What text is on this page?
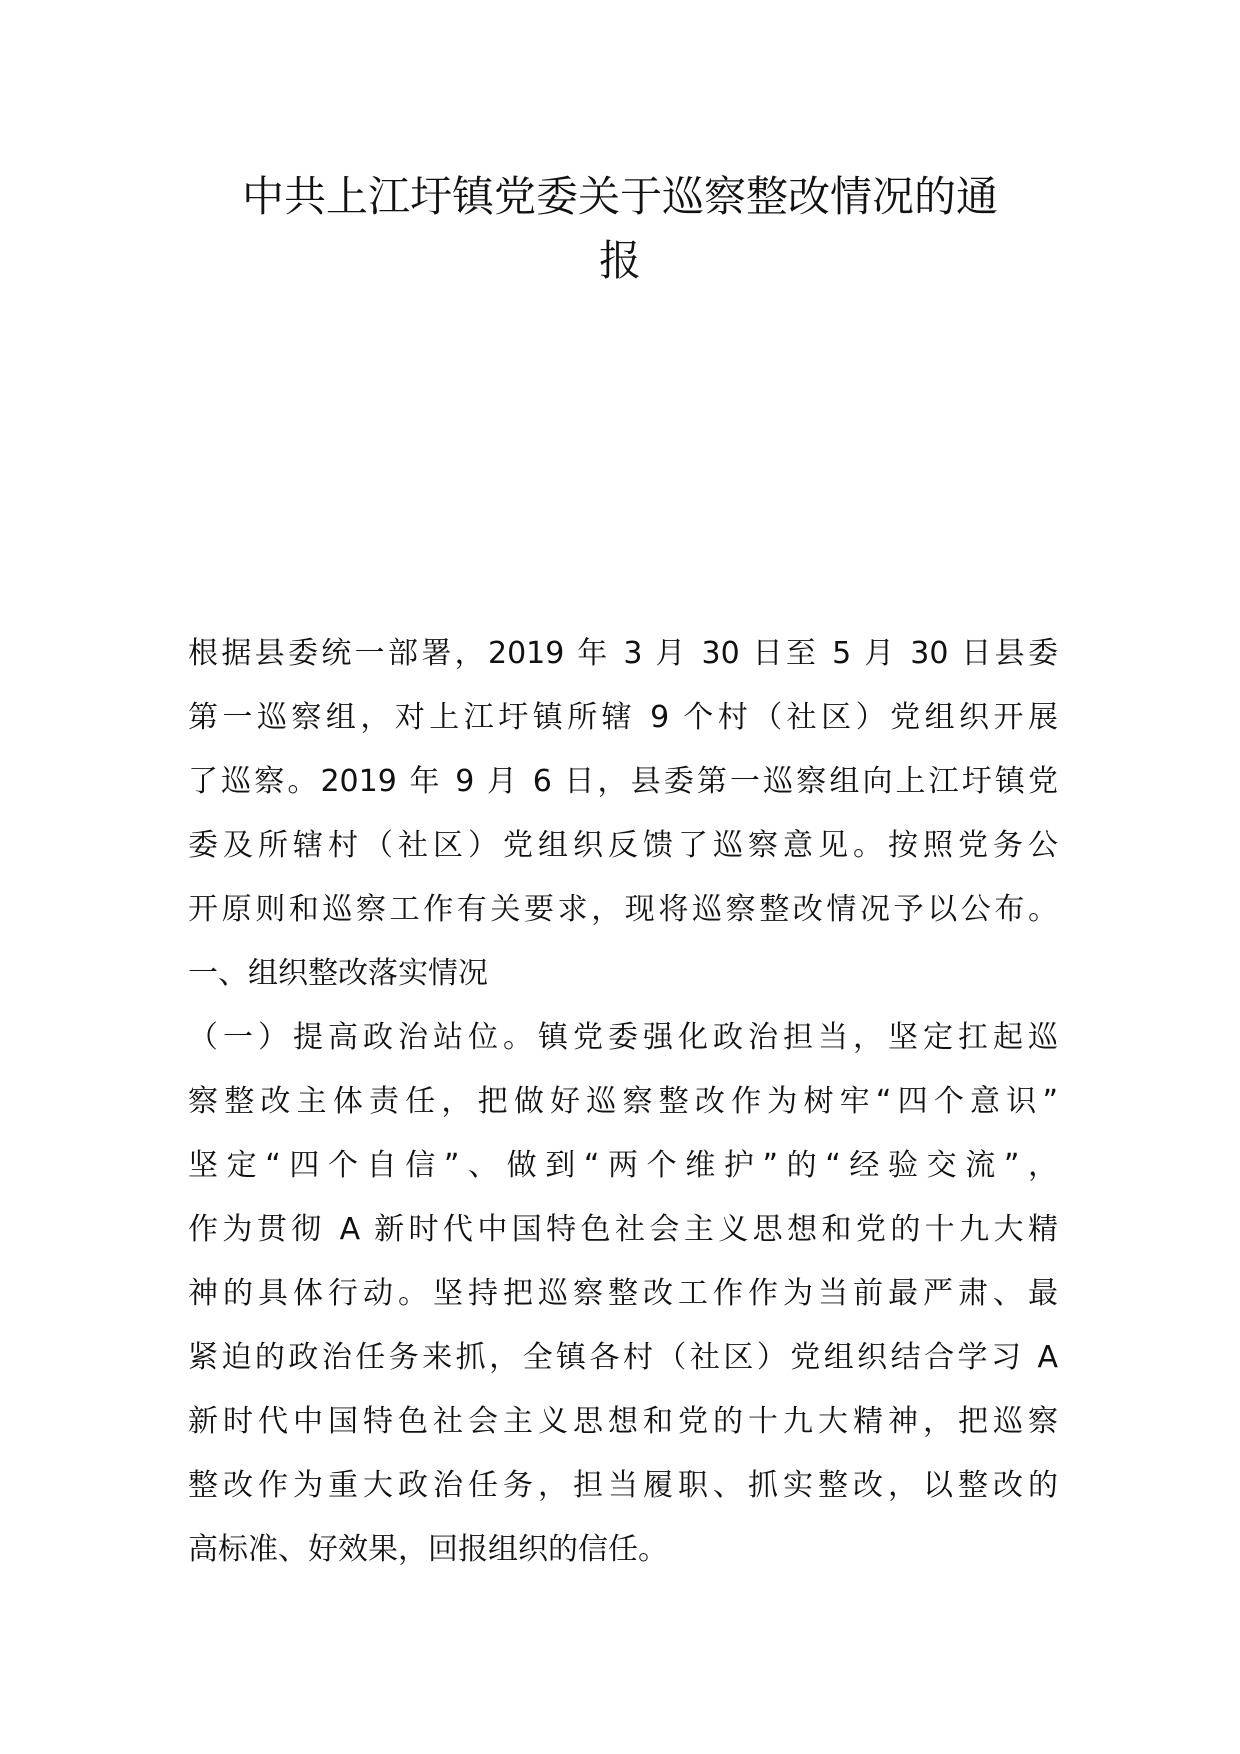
中共上江圩镇党委关于巡察整改情况的通
报
根据县委统一部署，2019 年 3 月 30 日至 5 月 30 日县委
第一巡察组，对上江圩镇所辖 9 个村（社区）党组织开展
了巡察。2019 年 9 月 6 日，县委第一巡察组向上江圩镇党
委及所辖村（社区）党组织反馈了巡察意见。按照党务公
开原则和巡察工作有关要求，现将巡察整改情况予以公布。
一、组织整改落实情况
（一）提高政治站位。镇党委强化政治担当，坚定扛起巡
察整改主体责任，把做好巡察整改作为树牢“四个意识”
坚定“四个自信”、做到“两个维护”的“经验交流”，
作为贯彻 A 新时代中国特色社会主义思想和党的十九大精
神的具体行动。坚持把巡察整改工作作为当前最严肃、最
紧迫的政治任务来抓，全镇各村（社区）党组织结合学习 A
新时代中国特色社会主义思想和党的十九大精神，把巡察
整改作为重大政治任务，担当履职、抓实整改，以整改的
高标准、好效果，回报组织的信任。
